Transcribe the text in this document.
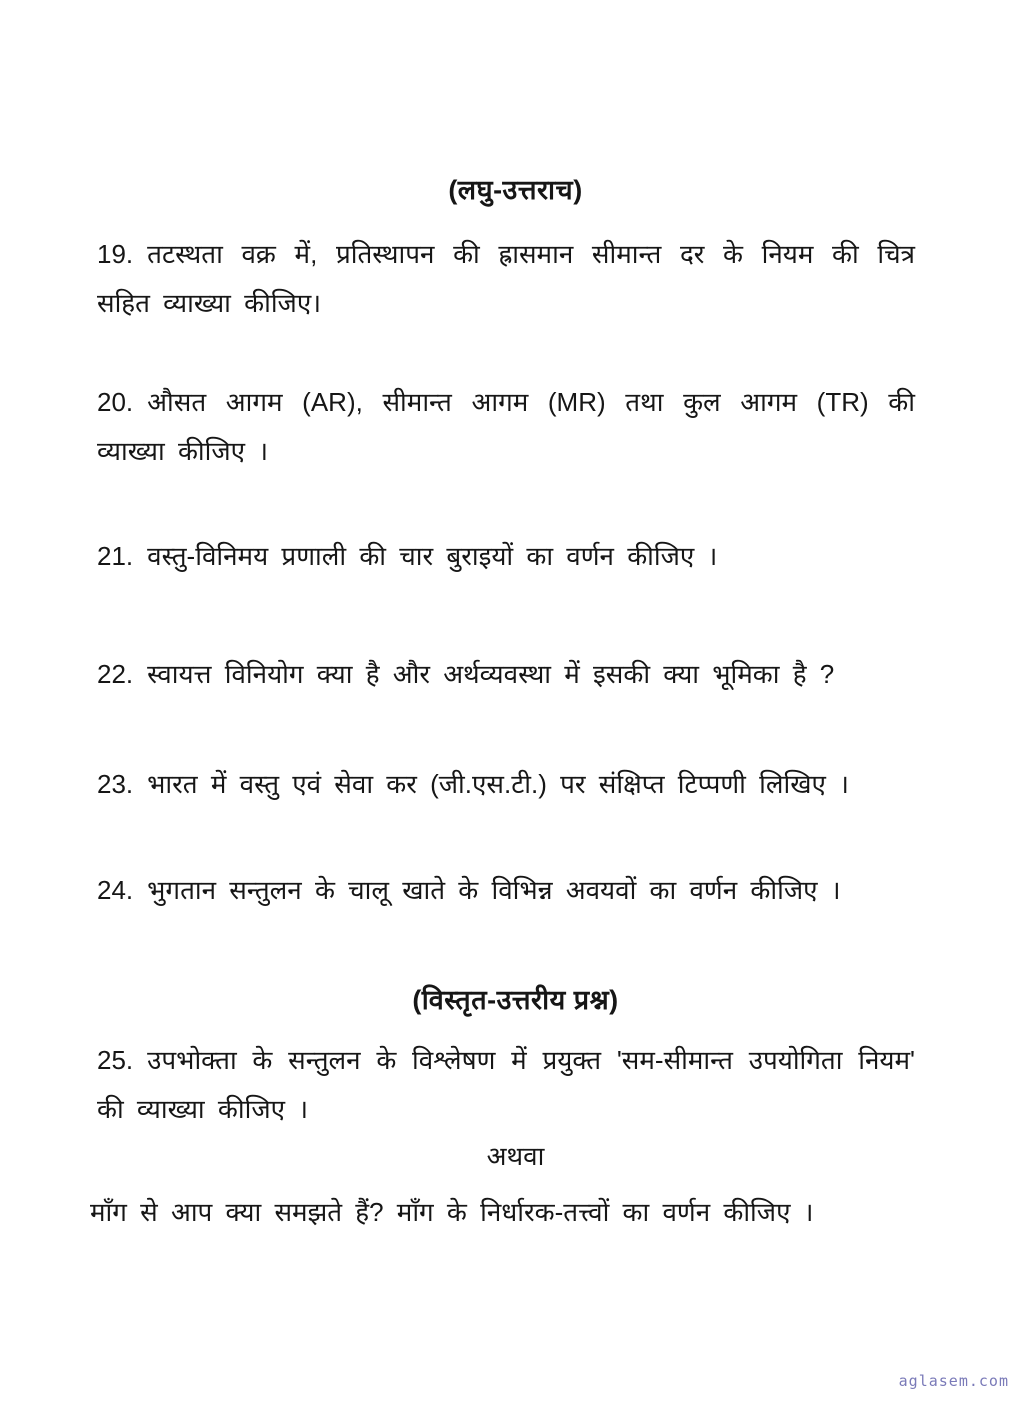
(लघु-उत्तराच)

19. तटस्थता वक्र में, प्रतिस्थापन की ह्रासमान सीमान्त दर के नियम की चित्र सहित व्याख्या कीजिए।

20. औसत आगम (AR), सीमान्त आगम (MR) तथा कुल आगम (TR) की व्याख्या कीजिए ।

21. वस्तु-विनिमय प्रणाली की चार बुराइयों का वर्णन कीजिए ।

22. स्वायत्त विनियोग क्या है और अर्थव्यवस्था में इसकी क्या भूमिका है ?

23. भारत में वस्तु एवं सेवा कर (जी.एस.टी.) पर संक्षिप्त टिप्पणी लिखिए ।

24. भुगतान सन्तुलन के चालू खाते के विभिन्न अवयवों का वर्णन कीजिए ।

(विस्तृत-उत्तरीय प्रश्न)

25. उपभोक्ता के सन्तुलन के विश्लेषण में प्रयुक्त 'सम-सीमान्त उपयोगिता नियम' की व्याख्या कीजिए ।

अथवा

माँग से आप क्या समझते हैं? माँग के निर्धारक-तत्त्वों का वर्णन कीजिए ।

aglasem.com
